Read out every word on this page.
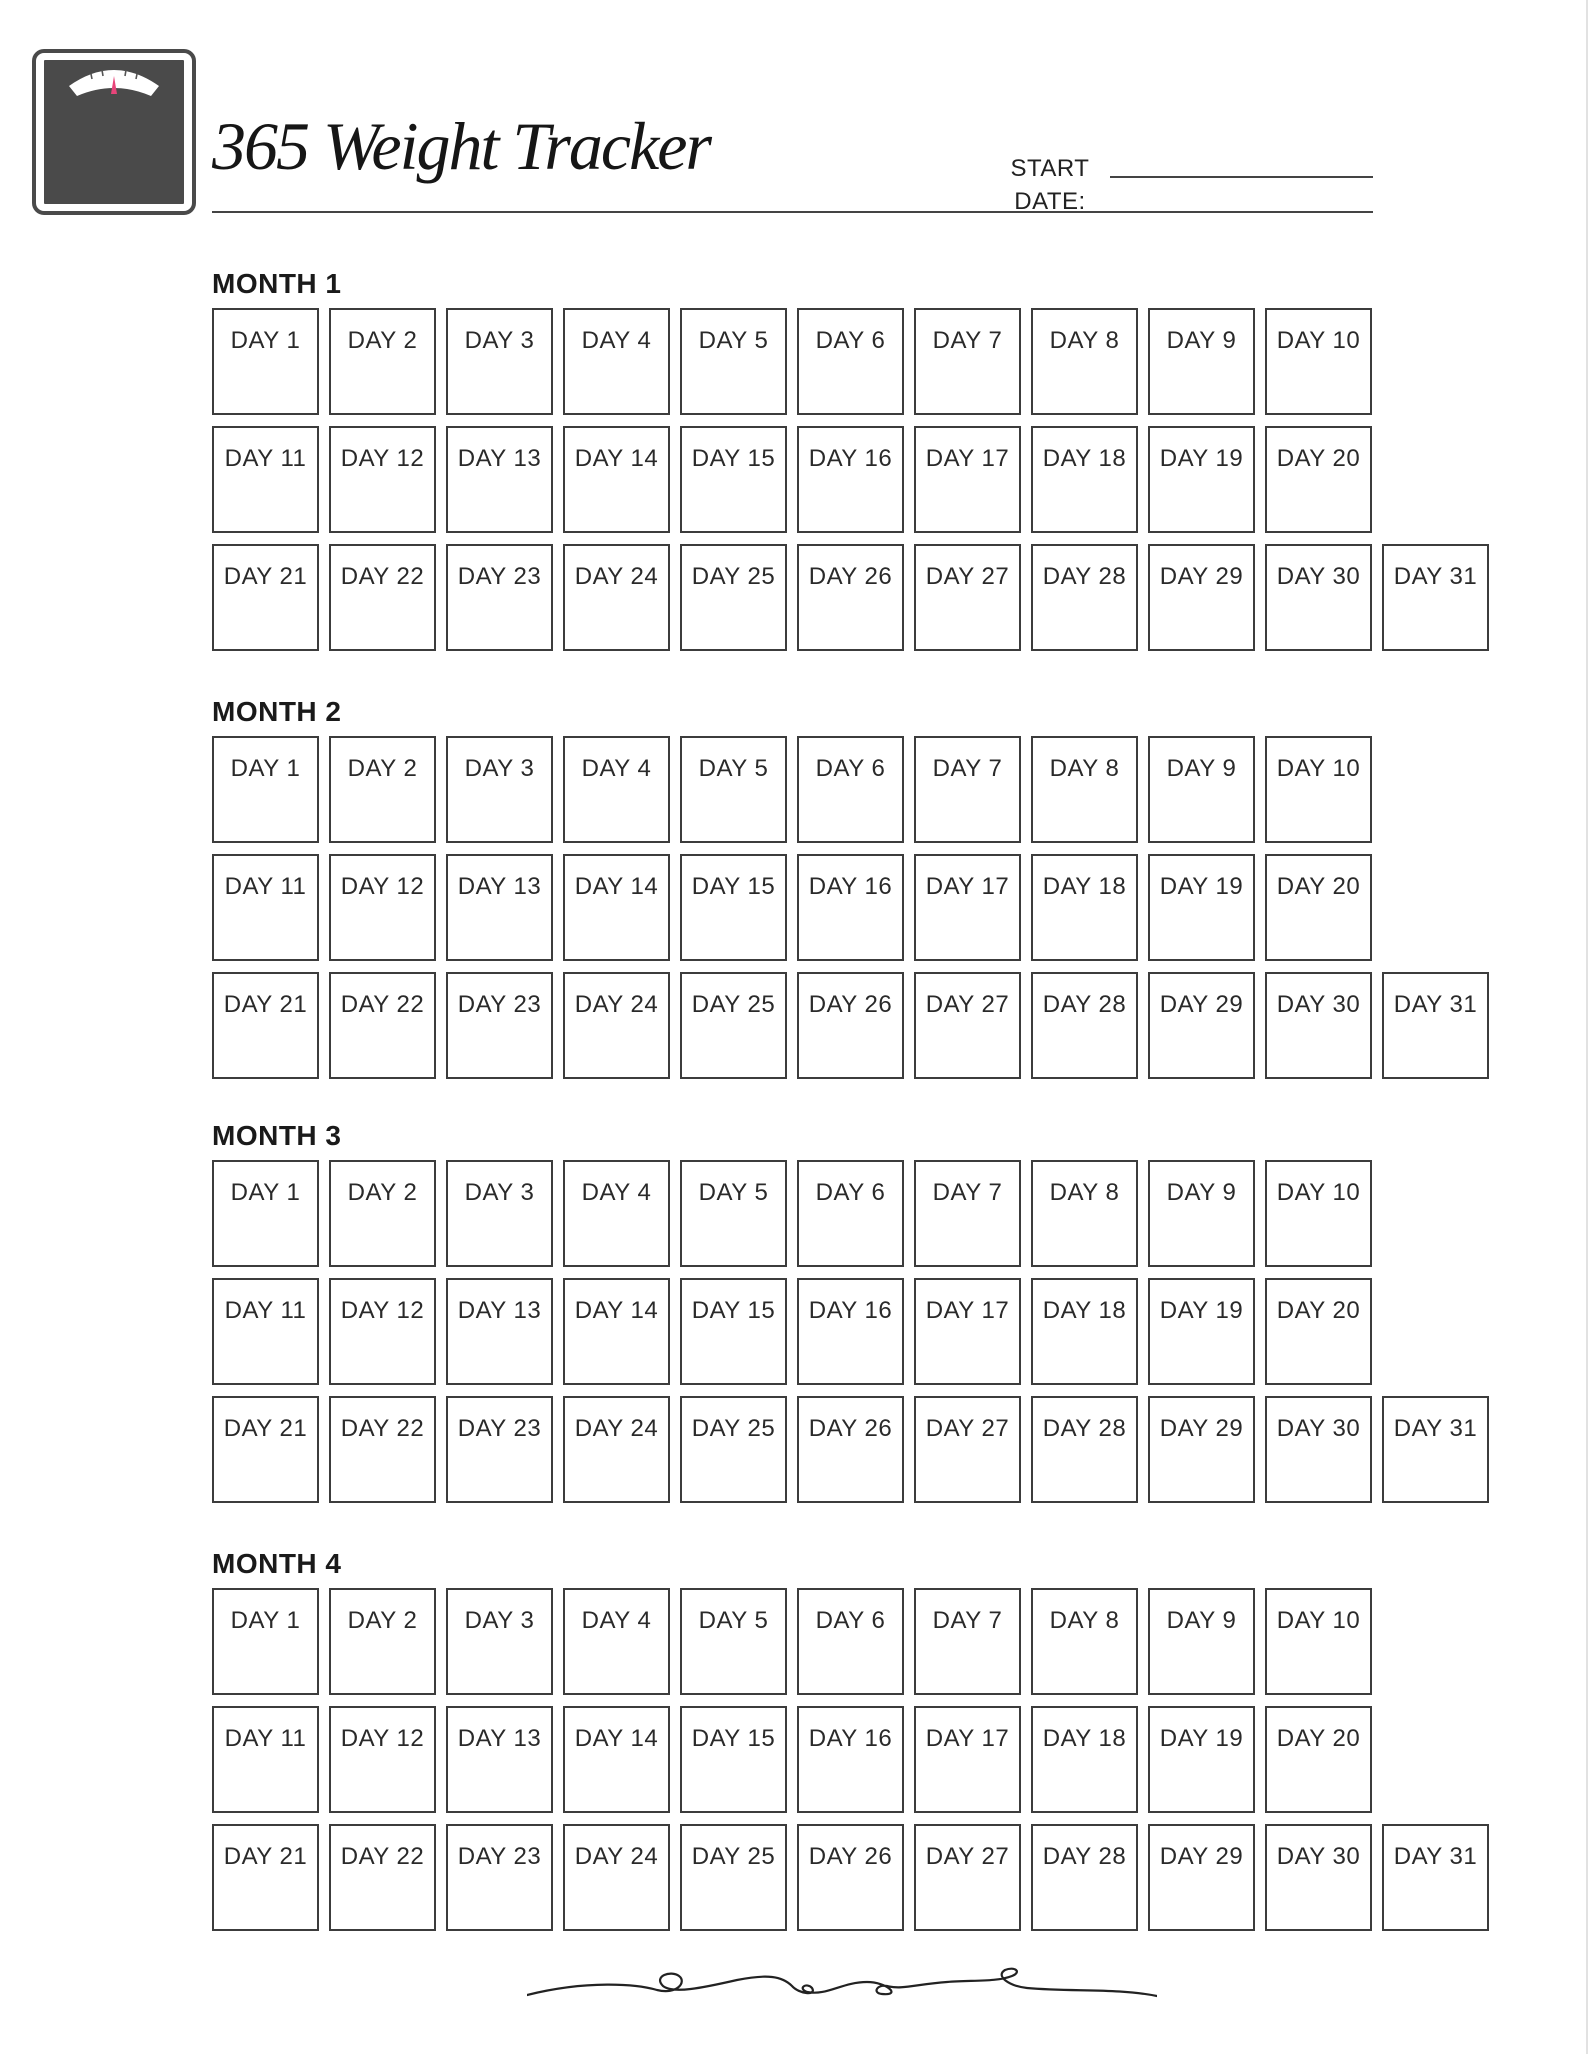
365 Weight Tracker	START DATE:
MONTH 1
DAY 1	DAY 2	DAY 3	DAY 4	DAY 5	DAY 6	DAY 7	DAY 8	DAY 9	DAY 10
DAY 11	DAY 12	DAY 13	DAY 14	DAY 15	DAY 16	DAY 17	DAY 18	DAY 19	DAY 20
DAY 21	DAY 22	DAY 23	DAY 24	DAY 25	DAY 26	DAY 27	DAY 28	DAY 29	DAY 30	DAY 31
MONTH 2
DAY 1	DAY 2	DAY 3	DAY 4	DAY 5	DAY 6	DAY 7	DAY 8	DAY 9	DAY 10
DAY 11	DAY 12	DAY 13	DAY 14	DAY 15	DAY 16	DAY 17	DAY 18	DAY 19	DAY 20
DAY 21	DAY 22	DAY 23	DAY 24	DAY 25	DAY 26	DAY 27	DAY 28	DAY 29	DAY 30	DAY 31
MONTH 3
DAY 1	DAY 2	DAY 3	DAY 4	DAY 5	DAY 6	DAY 7	DAY 8	DAY 9	DAY 10
DAY 11	DAY 12	DAY 13	DAY 14	DAY 15	DAY 16	DAY 17	DAY 18	DAY 19	DAY 20
DAY 21	DAY 22	DAY 23	DAY 24	DAY 25	DAY 26	DAY 27	DAY 28	DAY 29	DAY 30	DAY 31
MONTH 4
DAY 1	DAY 2	DAY 3	DAY 4	DAY 5	DAY 6	DAY 7	DAY 8	DAY 9	DAY 10
DAY 11	DAY 12	DAY 13	DAY 14	DAY 15	DAY 16	DAY 17	DAY 18	DAY 19	DAY 20
DAY 21	DAY 22	DAY 23	DAY 24	DAY 25	DAY 26	DAY 27	DAY 28	DAY 29	DAY 30	DAY 31
